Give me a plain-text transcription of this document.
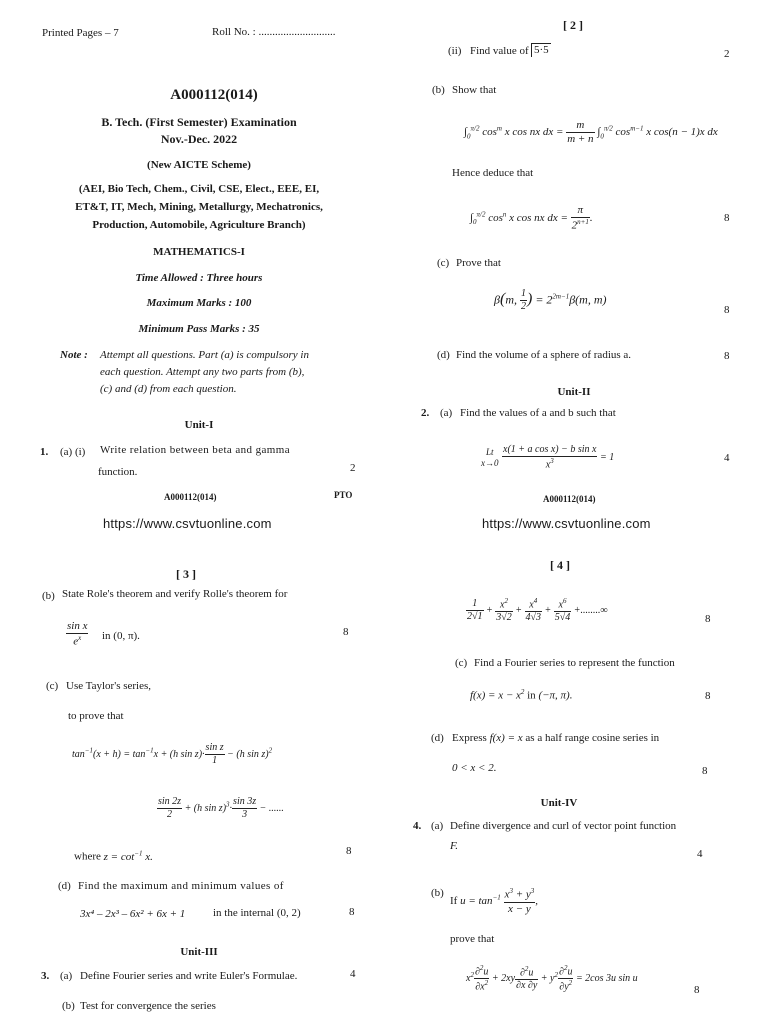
Printed Pages – 7	Roll No. : ............................
A000112(014)
B. Tech. (First Semester) Examination
Nov.-Dec. 2022
(New AICTE Scheme)
(AEI, Bio Tech, Chem., Civil, CSE, Elect., EEE, EI,
ET&T, IT, Mech, Mining, Metallurgy, Mechatronics,
Production, Automobile, Agriculture Branch)
MATHEMATICS-I
Time Allowed : Three hours
Maximum Marks : 100
Minimum Pass Marks : 35
Note : Attempt all questions. Part (a) is compulsory in
each question. Attempt any two parts from (b),
(c) and (d) from each question.
Unit-I
1. (a) (i) Write relation between beta and gamma
function.	2
A000112(014)	PTO
https://www.csvtuonline.com
[ 2 ]
(ii) Find value of 5·5	2
(b) Show that
$\int_0^{\pi/2}$ $\cos^m x$ cos nx dx = $\frac{m}{m + n} \int_0^{\pi/2}$ $\cos^{m-1} x$ cos(n − 1)x dx
Hence deduce that
$\int_0^{\pi/2}$ $\cos^n x$ cos nx dx = $\frac{\pi}{2^{n+1}}$ .	8
(c) Prove that
β(m, $\frac{1}{2}$ ) = $2^{2m-1}\beta(m$, m)
8
(d) Find the volume of a sphere of radius a.	8
Unit-II
2. (a) Find the values of a and b such that
Lt
x→0
$\frac{\text{x(1 + a cos x) − b sin x}}{x^3} = 1$	4
A000112(014)
https://www.csvtuonline.com
[ 3 ]
(b) State Role's theorem and verify Rolle's theorem for
$\frac{\text{sin x}}{e^x}$ in (0, π).	8
(c) Use Taylor's series,
to prove that
$\tan^{-1}(x + h) = \tan^{-1}x + (h$ $\sin z)\cdot \frac{\text{sin z}}{1} - (h$ sin z)$^2$
$\frac{\sin 2z}{2} + (h$ $\sin z)^3\cdot \frac{\sin 3z}{3}$ − ......
where $z = \cot^{-1} x$.	8
(d) Find the maximum and minimum values of
3x⁴ – 2x³ – 6x² + 6x + 1	in the internal (0, 2)	8
Unit-III
3. (a) Define Fourier series and write Euler's Formulae.	4
(b) Test for convergence the series
[ 4 ]
$\frac{1}{2√1} + \frac{x^2}{3√2} + \frac{x^4}{4√3} + \frac{x^6}{5√4}$ +........∞
8
(c) Find a Fourier series to represent the function
$f(x) = x - x^2$ in (−π, π).	8
(d) Express f(x) = x as a half range cosine series in
0 < x < 2.	8
Unit-IV
4. (a) Define divergence and curl of vector point function
F.
4
(b)
If $u = \tan^{-1} \frac{x^3 + y^3}{x - y}$ ,
prove that
$x^2 \frac{\partial^2u}{\partial x^2} + 2xy \frac{\partial^2u}{\partial x \partial y} + y^2 \frac{\partial^2u}{\partial y^2} = 2\cos$ 3u sin u
8
